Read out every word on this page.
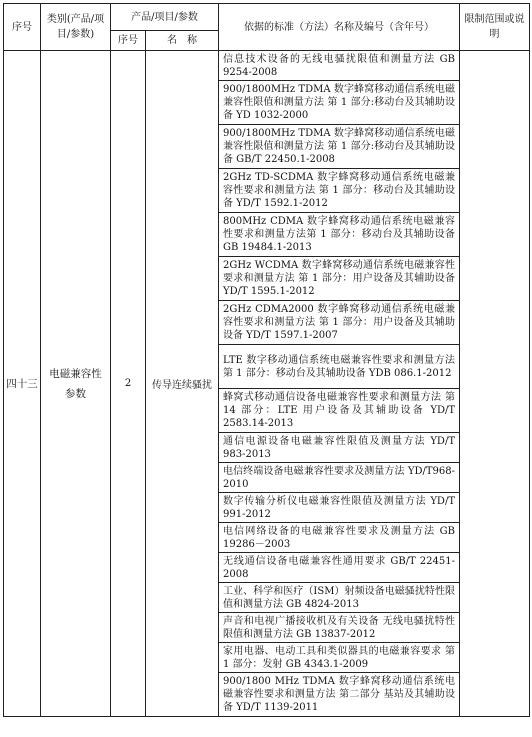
序号	类别(产品/项目/参数)	产品/项目/参数		依据的标准（方法）名称及编号（含年号）	限制范围或说明
		序号	名　称		
四十三	电磁兼容性参数	2	传导连续骚扰	信息技术设备的无线电骚扰限值和测量方法 GB 9254-2008	
				900/1800MHz TDMA 数字蜂窝移动通信系统电磁兼容性限值和测量方法 第 1 部分:移动台及其辅助设备 YD 1032-2000	
				900/1800MHz TDMA 数字蜂窝移动通信系统电磁兼容性限值和测量方法 第 1 部分:移动台及其辅助设备 GB/T 22450.1-2008	
				2GHz TD-SCDMA 数字蜂窝移动通信系统电磁兼容性要求和测量方法 第 1 部分：移动台及其辅助设备 YD/T 1592.1-2012	
				800MHz CDMA 数字蜂窝移动通信系统电磁兼容性要求和测量方法第 1 部分：移动台及其辅助设备 GB 19484.1-2013	
				2GHz WCDMA 数字蜂窝移动通信系统电磁兼容性要求和测量方法 第 1 部分：用户设备及其辅助设备 YD/T 1595.1-2012	
				2GHz CDMA2000 数字蜂窝移动通信系统电磁兼容性要求和测量方法 第 1 部分：用户设备及其辅助设备 YD/T 1597.1-2007	
				LTE 数字移动通信系统电磁兼容性要求和测量方法 第 1 部分：移动台及其辅助设备 YDB 086.1-2012	
				蜂窝式移动通信设备电磁兼容性要求和测量方法 第 14 部分：LTE 用户设备及其辅助设备 YD/T 2583.14-2013	
				通信电源设备电磁兼容性限值及测量方法 YD/T 983-2013	
				电信终端设备电磁兼容性要求及测量方法 YD/T968-2010	
				数字传输分析仪电磁兼容性限值及测量方法 YD/T 991-2012	
				电信网络设备的电磁兼容性要求及测量方法 GB 19286－2003	
				无线通信设备电磁兼容性通用要求 GB/T 22451-2008	
				工业、科学和医疗（ISM）射频设备电磁骚扰特性限值和测量方法 GB 4824-2013	
				声音和电视广播接收机及有关设备 无线电骚扰特性 限值和测量方法 GB 13837-2012	
				家用电器、电动工具和类似器具的电磁兼容要求 第 1 部分：发射 GB 4343.1-2009	
				900/1800 MHz TDMA 数字蜂窝移动通信系统电磁兼容性要求和测量方法 第二部分 基站及其辅助设备 YD/T 1139-2011	
